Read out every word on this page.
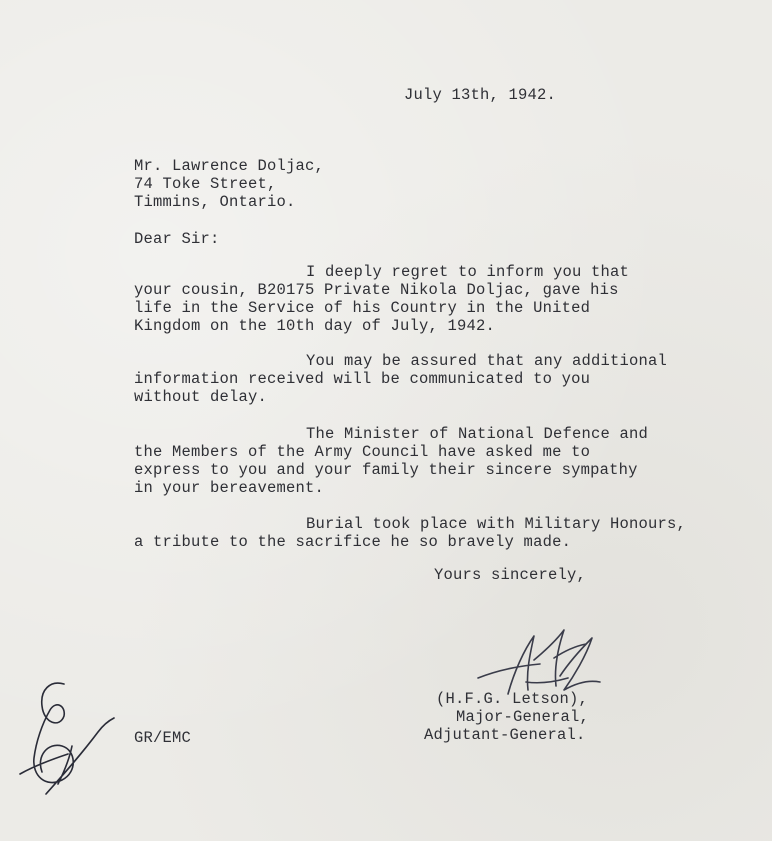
July 13th, 1942.
Mr. Lawrence Doljac,
74 Toke Street,
Timmins, Ontario.
Dear Sir:
I deeply regret to inform you that
your cousin, B20175 Private Nikola Doljac, gave his
life in the Service of his Country in the United
Kingdom on the 10th day of July, 1942.
You may be assured that any additional
information received will be communicated to you
without delay.
The Minister of National Defence and
the Members of the Army Council have asked me to
express to you and your family their sincere sympathy
in your bereavement.
Burial took place with Military Honours,
a tribute to the sacrifice he so bravely made.
Yours sincerely,
(H.F.G. Letson),
Major-General,
Adjutant-General.
GR/EMC
